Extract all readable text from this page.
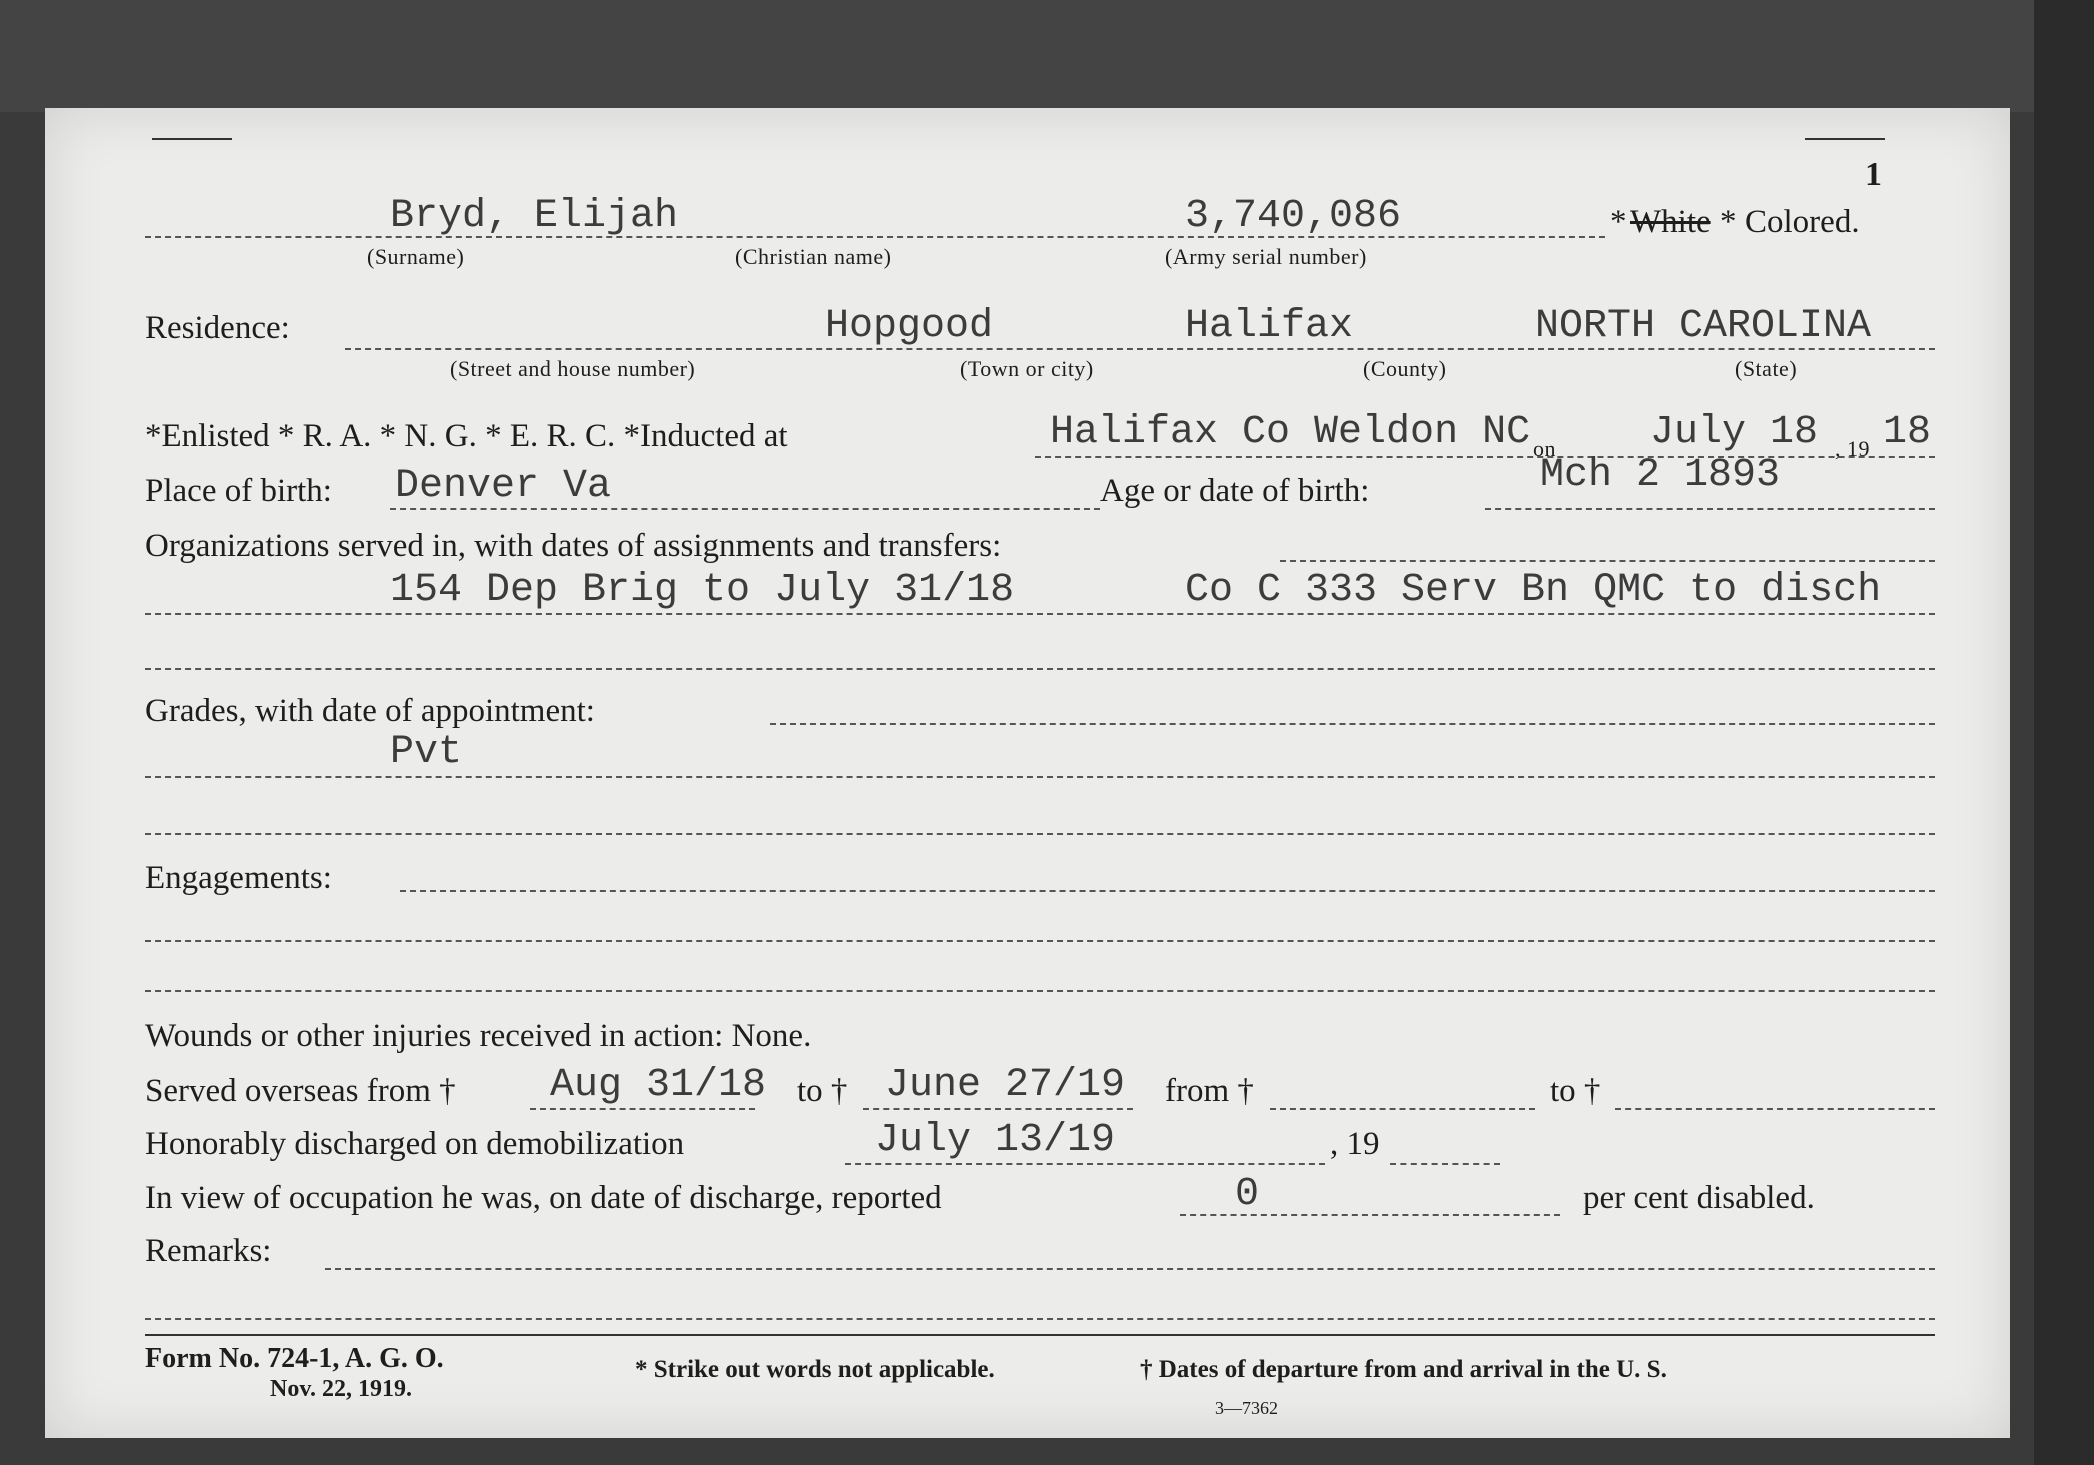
1
Bryd, Elijah	3,740,086	* White * Colored.
(Surname)	(Christian name)	(Army serial number)
Residence:	Hopgood	Halifax	NORTH CAROLINA
(Street and house number)	(Town or city)	(County)	(State)
*Enlisted * R. A. * N. G. * E. R. C. *Inducted at	Halifax Co Weldon NC on July 18 , 19 18
Place of birth: Denver Va	Age or date of birth:	Mch 2 1893
Organizations served in, with dates of assignments and transfers:
154 Dep Brig to July 31/18	Co C 333 Serv Bn QMC to disch
Grades, with date of appointment:
Pvt
Engagements:
Wounds or other injuries received in action: None.
Served overseas from † Aug 31/18 to † June 27/19 from †	to †
Honorably discharged on demobilization	July 13/19	, 19
In view of occupation he was, on date of discharge, reported	0	per cent disabled.
Remarks:
Form No. 724-1, A. G. O.
Nov. 22, 1919.
* Strike out words not applicable.	† Dates of departure from and arrival in the U. S.
3—7362
